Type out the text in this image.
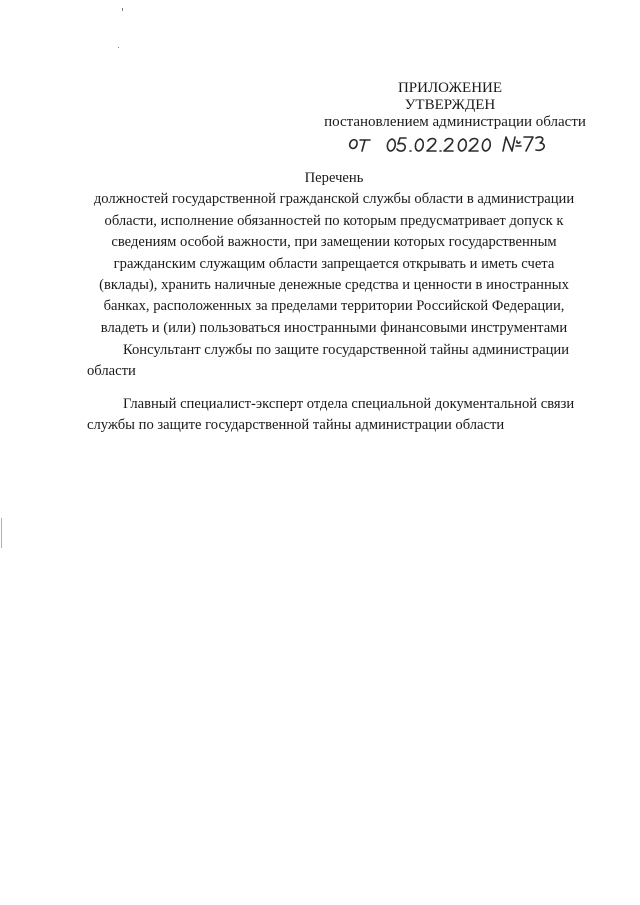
ПРИЛОЖЕНИЕ
УТВЕРЖДЕН
постановлением администрации области
Перечень
должностей государственной гражданской службы области в администрации
области, исполнение обязанностей по которым предусматривает допуск к
сведениям особой важности, при замещении которых государственным
гражданским служащим области запрещается открывать и иметь счета
(вклады), хранить наличные денежные средства и ценности в иностранных
банках, расположенных за пределами территории Российской Федерации,
владеть и (или) пользоваться иностранными финансовыми инструментами
Консультант службы по защите государственной тайны администрации
области
Главный специалист-эксперт отдела специальной документальной связи
службы по защите государственной тайны администрации области
